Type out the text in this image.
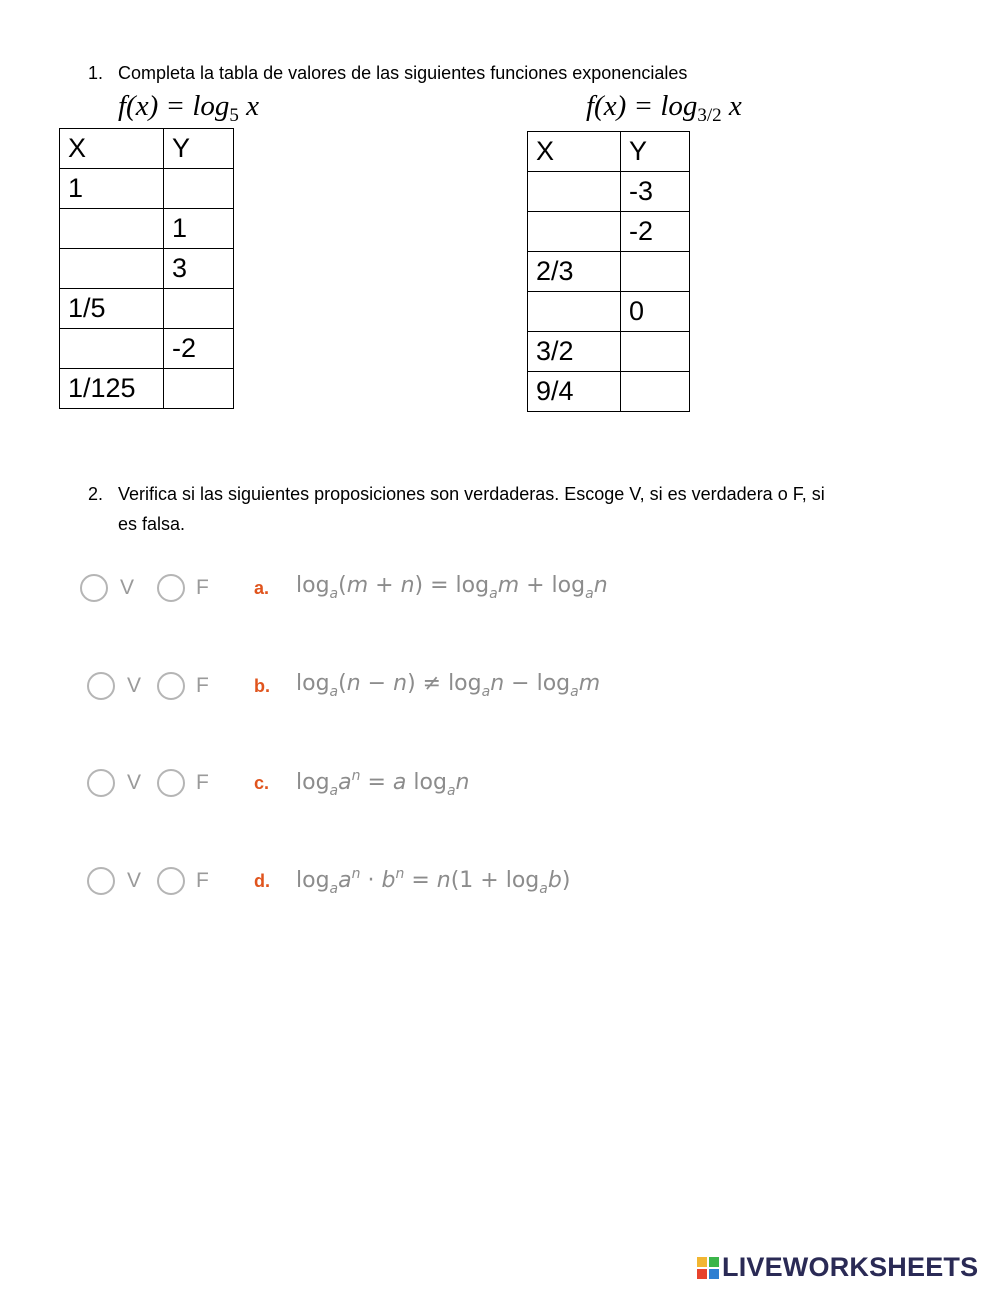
1. Completa la tabla de valores de las siguientes funciones exponenciales
$f(x) = \log_5 x$	$f(x) = \log_{3/2} x$
X	Y
1	
	1
	3
1/5	
	-2
1/125	
X	Y
	-3
	-2
2/3	
	0
3/2	
9/4	
2. Verifica si las siguientes proposiciones son verdaderas. Escoge V, si es verdadera o F, si
es falsa.
V	F	a. $\log_a(m + n) = \log_am + \log_an$
V	F	b. $\log_a(n - n) \ne \log_an - \log_am$
V	F	c. $\log_aa^n = a$ $\log_an$
V	F	d. $\log_aa^n \cdot b^n = n(1 + \log_ab)$
LIVEWORKSHEETS
